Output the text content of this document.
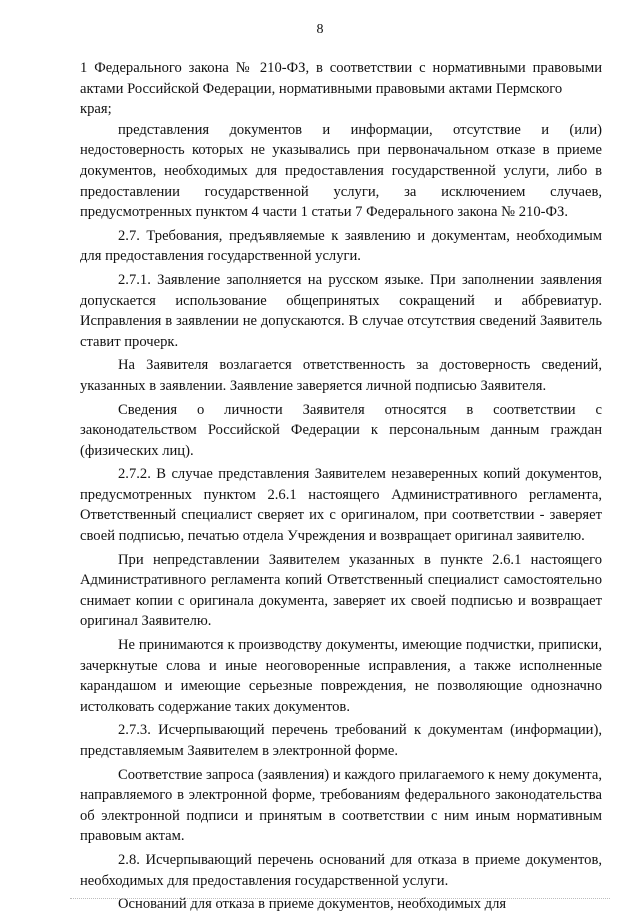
8
1 Федерального закона № 210-ФЗ, в соответствии с нормативными правовыми актами Российской Федерации, нормативными правовыми актами Пермского
края;
представления документов и информации, отсутствие и (или) недостоверность которых не указывались при первоначальном отказе в приеме документов, необходимых для предоставления государственной услуги, либо в предоставлении государственной услуги, за исключением случаев, предусмотренных пунктом 4 части 1 статьи 7 Федерального закона № 210-ФЗ.
2.7. Требования, предъявляемые к заявлению и документам, необходимым для предоставления государственной услуги.
2.7.1. Заявление заполняется на русском языке. При заполнении заявления допускается использование общепринятых сокращений и аббревиатур. Исправления в заявлении не допускаются. В случае отсутствия сведений Заявитель ставит прочерк.
На Заявителя возлагается ответственность за достоверность сведений, указанных в заявлении. Заявление заверяется личной подписью Заявителя.
Сведения о личности Заявителя относятся в соответствии с законодательством Российской Федерации к персональным данным граждан (физических лиц).
2.7.2. В случае представления Заявителем незаверенных копий документов, предусмотренных пунктом 2.6.1 настоящего Административного регламента, Ответственный специалист сверяет их с оригиналом, при соответствии - заверяет своей подписью, печатью отдела Учреждения и возвращает оригинал заявителю.
При непредставлении Заявителем указанных в пункте 2.6.1 настоящего Административного регламента копий Ответственный специалист самостоятельно снимает копии с оригинала документа, заверяет их своей подписью и возвращает оригинал Заявителю.
Не принимаются к производству документы, имеющие подчистки, приписки, зачеркнутые слова и иные неоговоренные исправления, а также исполненные карандашом и имеющие серьезные повреждения, не позволяющие однозначно истолковать содержание таких документов.
2.7.3. Исчерпывающий перечень требований к документам (информации), представляемым Заявителем в электронной форме.
Соответствие запроса (заявления) и каждого прилагаемого к нему документа, направляемого в электронной форме, требованиям федерального законодательства об электронной подписи и принятым в соответствии с ним иным нормативным правовым актам.
2.8. Исчерпывающий перечень оснований для отказа в приеме документов, необходимых для предоставления государственной услуги.
Оснований для отказа в приеме документов, необходимых для
